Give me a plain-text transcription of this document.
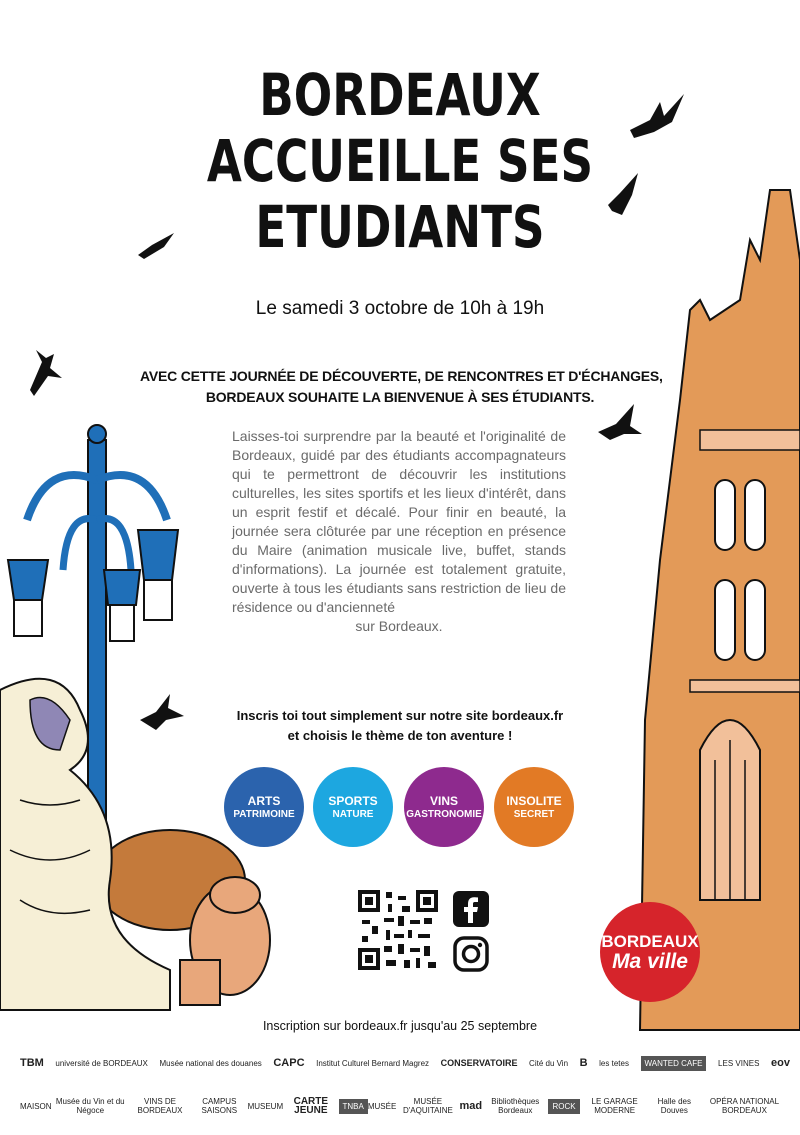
BORDEAUX
ACCUEILLE SES
ETUDIANTS
Le samedi 3 octobre de 10h à 19h
AVEC CETTE JOURNÉE DE DÉCOUVERTE, DE RENCONTRES ET D'ÉCHANGES,
BORDEAUX SOUHAITE LA BIENVENUE À SES ÉTUDIANTS.
Laisses-toi surprendre par la beauté et l'originalité de Bordeaux, guidé par des étudiants accompagnateurs qui te permettront de découvrir les institutions culturelles, les sites sportifs et les lieux d'intérêt, dans un esprit festif et décalé. Pour finir en beauté, la journée sera clôturée par une réception en présence du Maire (animation musicale live, buffet, stands d'informations). La journée est totalement gratuite, ouverte à tous les étudiants sans restriction de lieu de résidence ou d'ancienneté
sur Bordeaux.
Inscris toi tout simplement sur notre site bordeaux.fr
et choisis le thème de ton aventure !
ARTS
PATRIMOINE
SPORTS
NATURE
VINS
GASTRONOMIE
INSOLITE
SECRET
BORDEAUX
Ma ville
Inscription sur bordeaux.fr jusqu'au 25 septembre
TBM université de BORDEAUX Musée national des douanes CAPC Institut Culturel Bernard Magrez CONSERVATOIRE Cité du Vin B les tetes	WANTED CAFE	LES VINES eov
MAISON Musée du Vin et du Négoce
VINS DE BORDEAUX
CAMPUS SAISONS	MUSEUM	CARTE JEUNE	TNBA MUSÉE	MUSÉE D'AQUITAINE mad	Bibliothèques Bordeaux	ROCK	LE GARAGE MODERNE
Halle des Douves
OPÉRA NATIONAL BORDEAUX
